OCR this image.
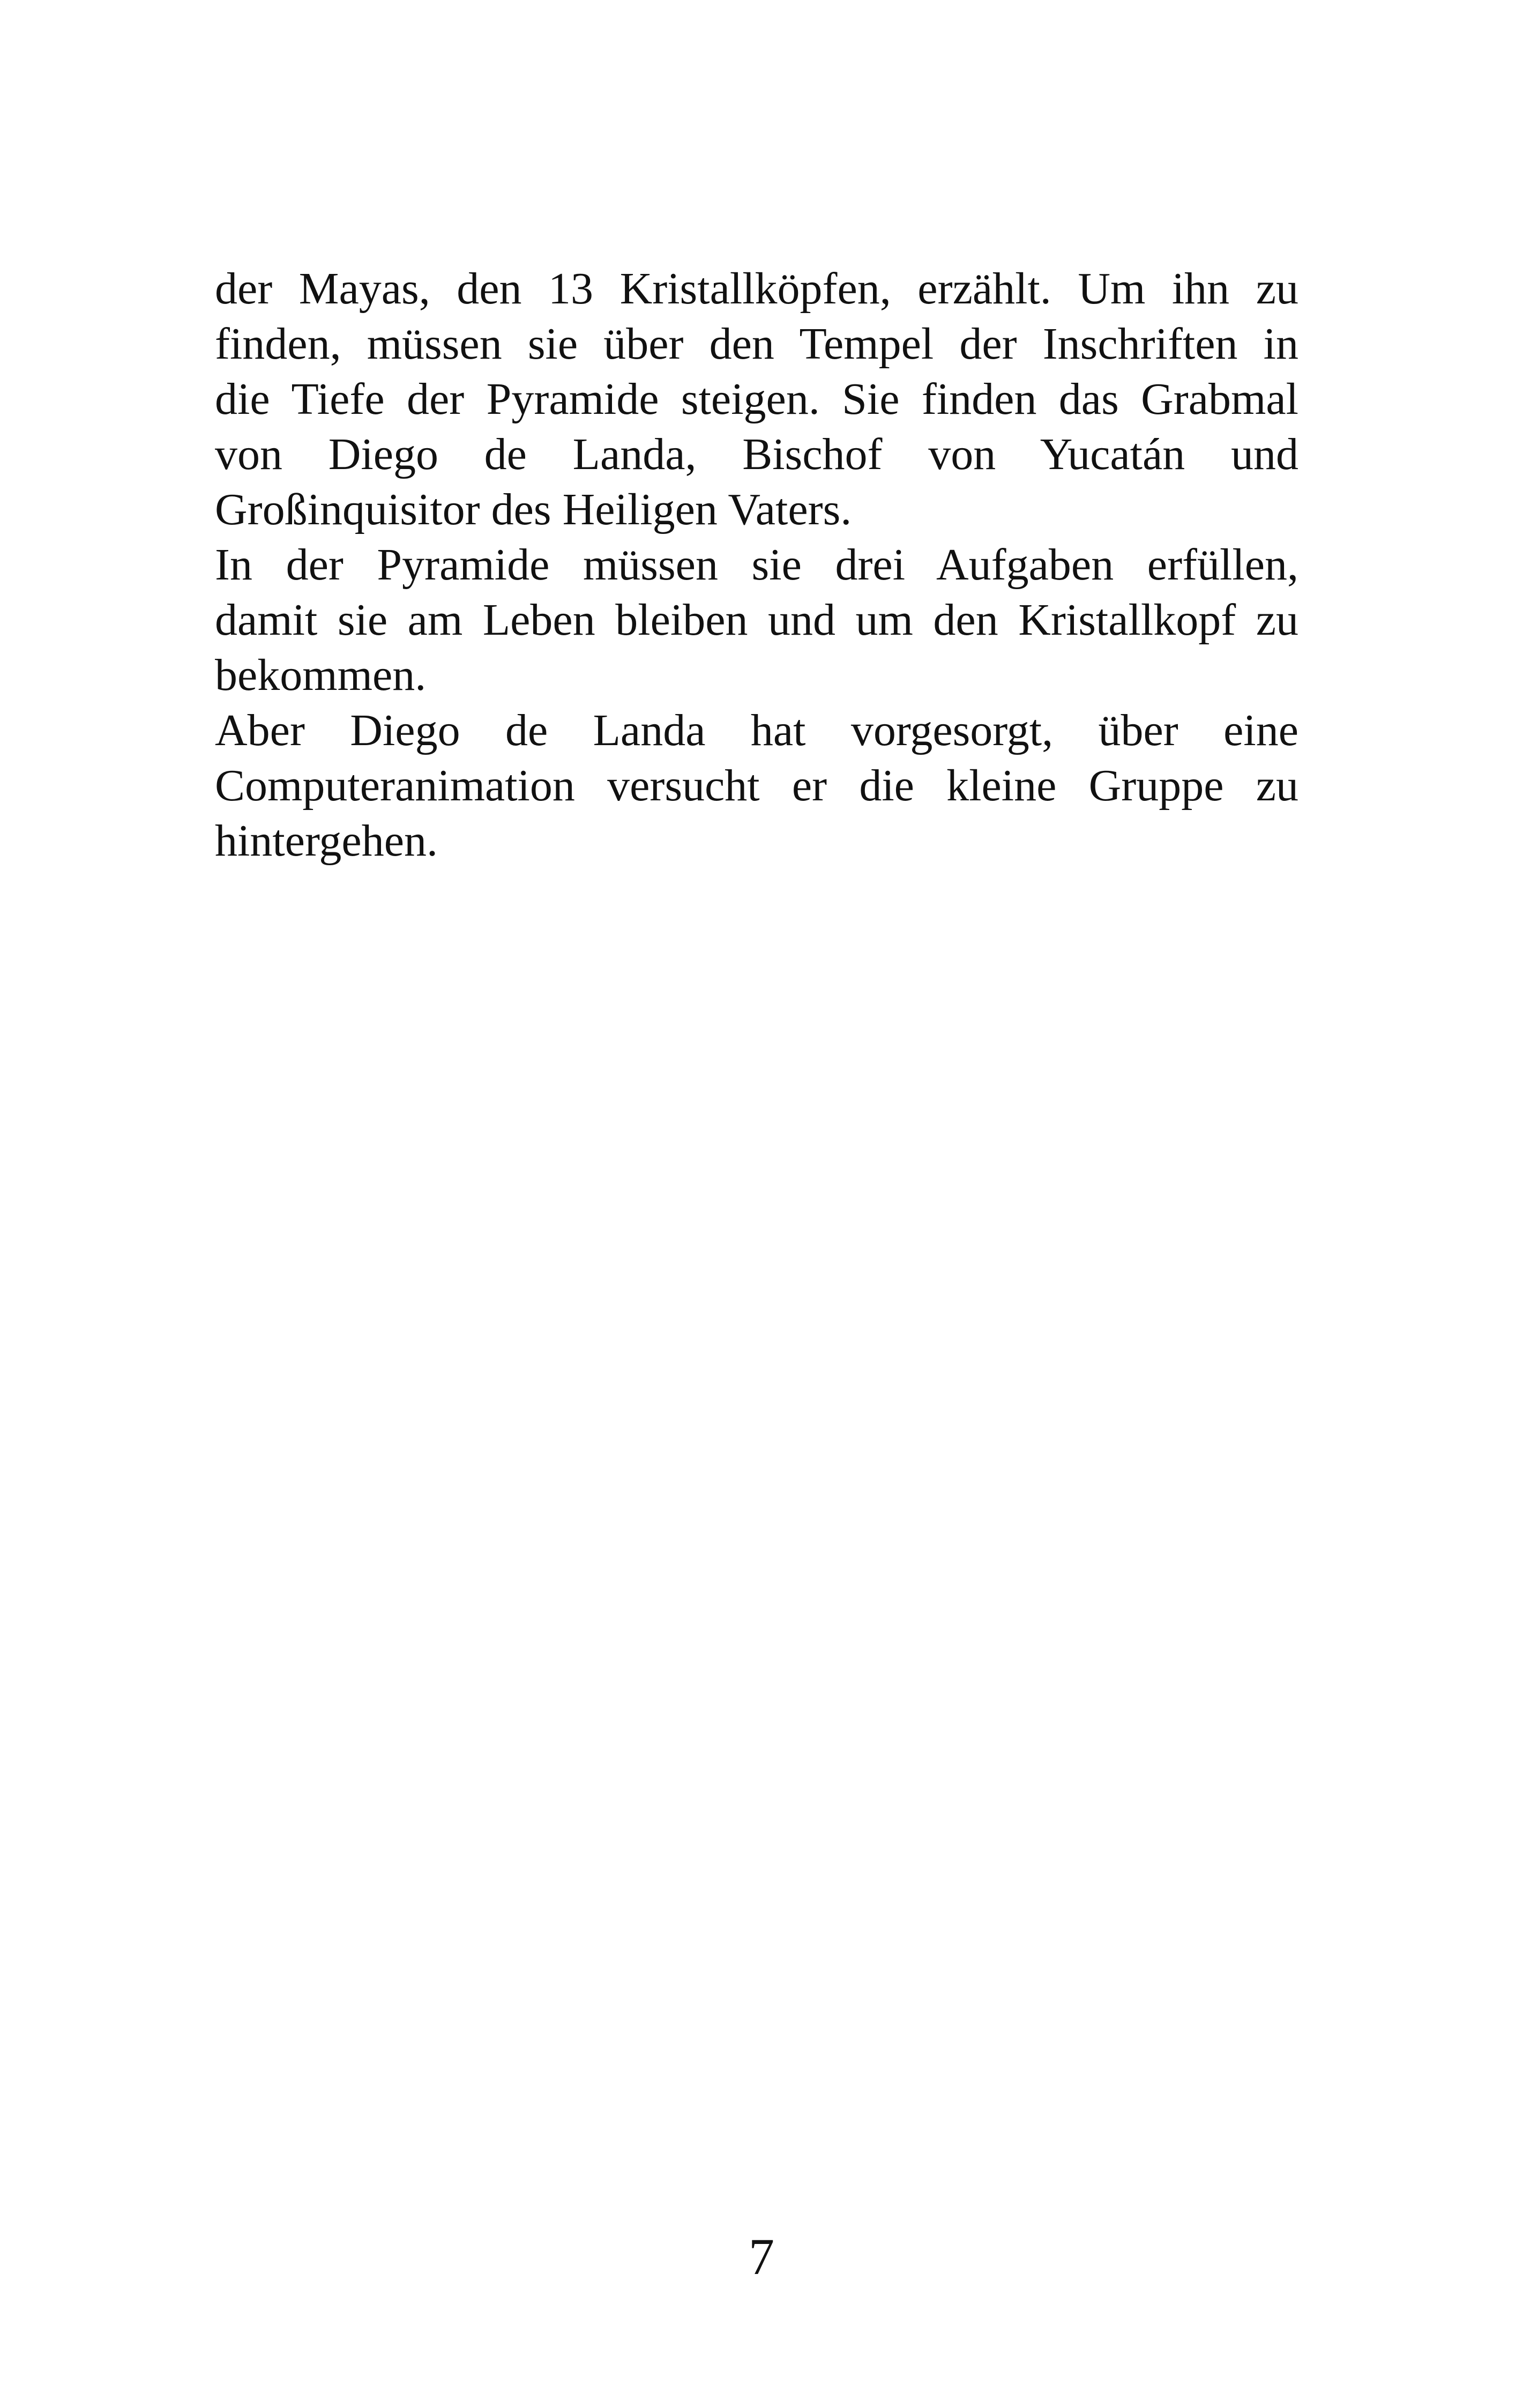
der Mayas, den 13 Kristallköpfen, erzählt. Um ihn zu
finden, müssen sie über den Tempel der Inschriften in
die Tiefe der Pyramide steigen. Sie finden das Grabmal
von Diego de Landa, Bischof von Yucatán und
Großinquisitor des Heiligen Vaters.

In der Pyramide müssen sie drei Aufgaben erfüllen,
damit sie am Leben bleiben und um den Kristallkopf zu
bekommen.

Aber Diego de Landa hat vorgesorgt, über eine
Computeranimation versucht er die kleine Gruppe zu
hintergehen.

7
